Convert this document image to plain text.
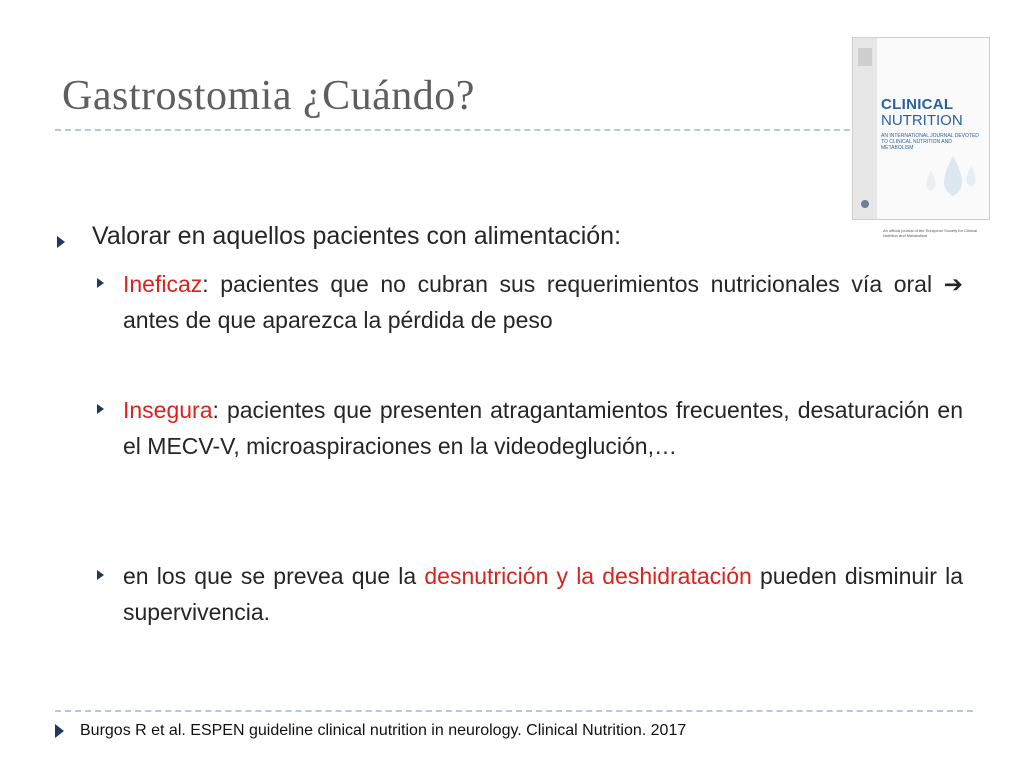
Gastrostomia ¿Cuándo?	CLINICAL
NUTRITION
AN INTERNATIONAL JOURNAL DEVOTED TO CLINICAL NUTRITION AND METABOLISM
An official journal of the European Society for Clinical Nutrition and Metabolism
Valorar en aquellos pacientes con alimentación:
Ineficaz: pacientes que no cubran sus requerimientos nutricionales vía oral ➔ antes de que aparezca la pérdida de peso
Insegura: pacientes que presenten atragantamientos frecuentes, desaturación en el MECV-V, microaspiraciones en la videodeglución,…
en los que se prevea que la desnutrición y la deshidratación pueden disminuir la supervivencia.
Burgos R et al. ESPEN guideline clinical nutrition in neurology. Clinical Nutrition. 2017
